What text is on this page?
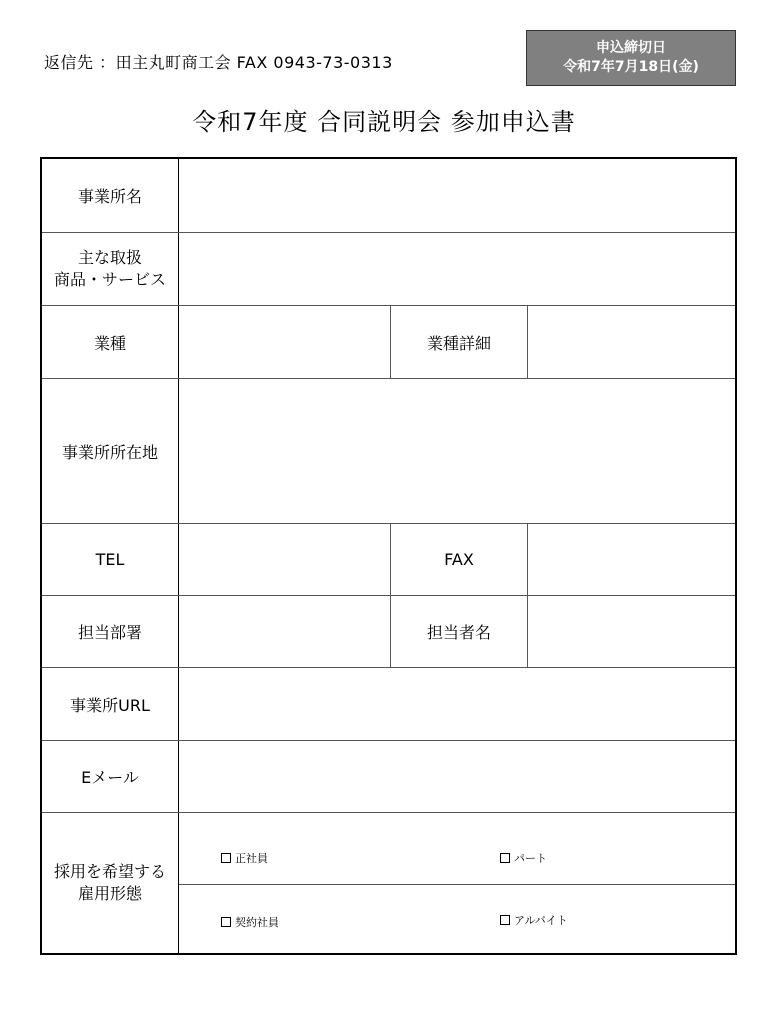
返信先 ：田主丸町商工会 FAX 0943-73-0313
申込締切日
令和7年7月18日(金)
令和7年度 合同説明会 参加申込書
事業所名
主な取扱
商品・サービス
業種	業種詳細
事業所所在地
TEL	FAX
担当部署	担当者名
事業所URL
Eメール
採用を希望する
雇用形態
正社員	パート
契約社員	アルバイト
